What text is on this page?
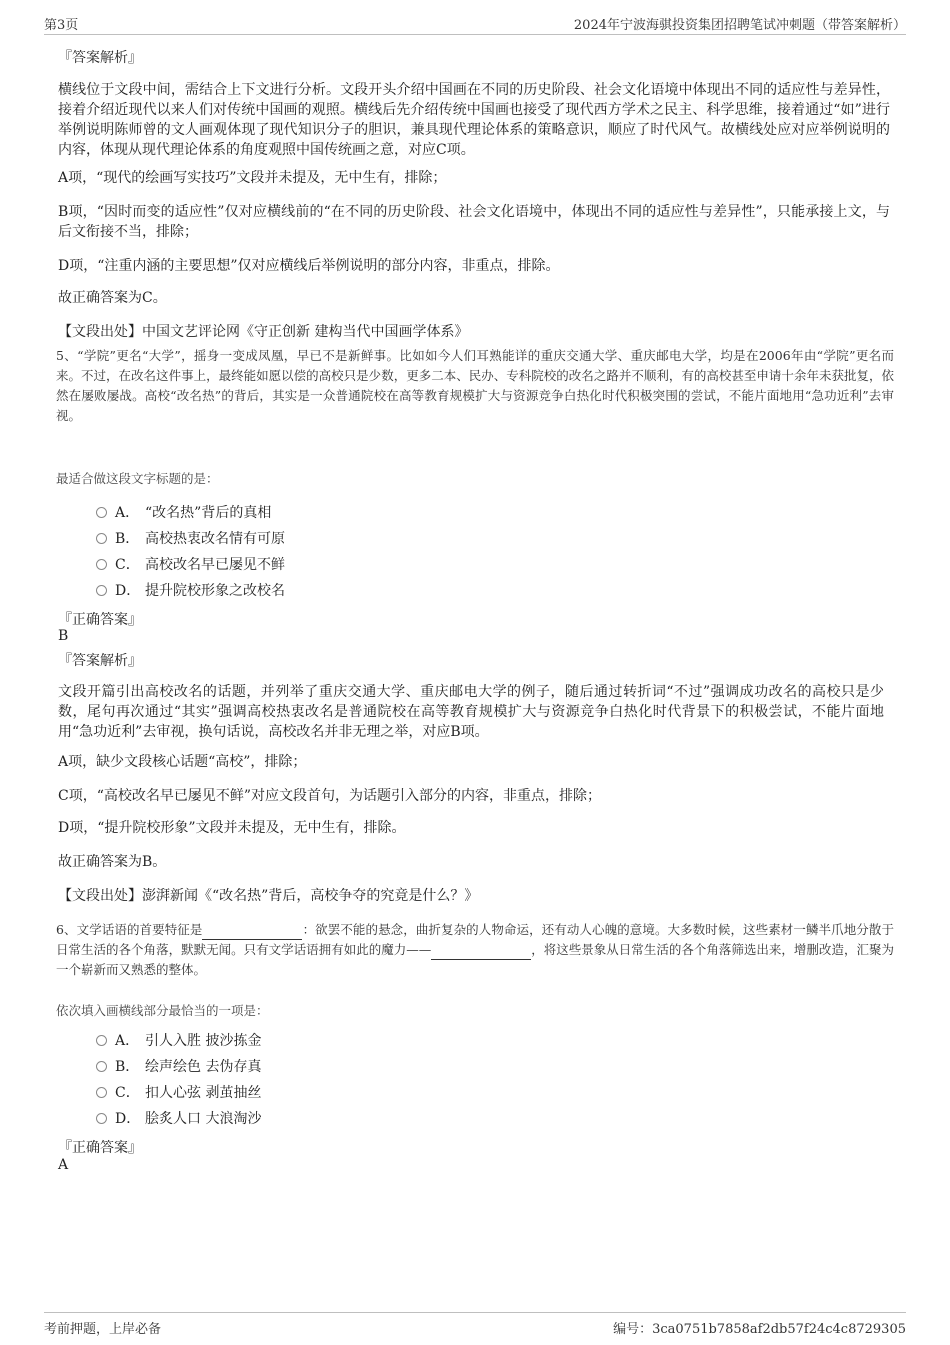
第3页	2024年宁波海骐投资集团招聘笔试冲刺题（带答案解析）
『答案解析』
横线位于文段中间，需结合上下文进行分析。文段开头介绍中国画在不同的历史阶段、社会文化语境中体现出不同的适应性与差异性，接着介绍近现代以来人们对传统中国画的观照。横线后先介绍传统中国画也接受了现代西方学术之民主、科学思维，接着通过“如”进行举例说明陈师曾的文人画观体现了现代知识分子的胆识，兼具现代理论体系的策略意识，顺应了时代风气。故横线处应对应举例说明的内容，体现从现代理论体系的角度观照中国传统画之意，对应C项。
A项，“现代的绘画写实技巧”文段并未提及，无中生有，排除；
B项，“因时而变的适应性”仅对应横线前的“在不同的历史阶段、社会文化语境中，体现出不同的适应性与差异性”，只能承接上文，与后文衔接不当，排除；
D项，“注重内涵的主要思想”仅对应横线后举例说明的部分内容，非重点，排除。
故正确答案为C。
【文段出处】中国文艺评论网《守正创新 建构当代中国画学体系》
5、“学院”更名“大学”，摇身一变成凤凰，早已不是新鲜事。比如如今人们耳熟能详的重庆交通大学、重庆邮电大学，均是在2006年由“学院”更名而来。不过，在改名这件事上，最终能如愿以偿的高校只是少数，更多二本、民办、专科院校的改名之路并不顺利，有的高校甚至申请十余年未获批复，依然在屡败屡战。高校“改名热”的背后，其实是一众普通院校在高等教育规模扩大与资源竞争白热化时代积极突围的尝试，不能片面地用“急功近利”去审视。
最适合做这段文字标题的是：
A． “改名热”背后的真相
B． 高校热衷改名情有可原
C． 高校改名早已屡见不鲜
D． 提升院校形象之改校名
『正确答案』
B
『答案解析』
文段开篇引出高校改名的话题，并列举了重庆交通大学、重庆邮电大学的例子，随后通过转折词“不过”强调成功改名的高校只是少数，尾句再次通过“其实”强调高校热衷改名是普通院校在高等教育规模扩大与资源竞争白热化时代背景下的积极尝试，不能片面地用“急功近利”去审视，换句话说，高校改名并非无理之举，对应B项。
A项，缺少文段核心话题“高校”，排除；
C项，“高校改名早已屡见不鲜”对应文段首句，为话题引入部分的内容，非重点，排除；
D项，“提升院校形象”文段并未提及，无中生有，排除。
故正确答案为B。
【文段出处】澎湃新闻《“改名热”背后，高校争夺的究竟是什么？》
6、文学话语的首要特征是	：欲罢不能的悬念，曲折复杂的人物命运，还有动人心魄的意境。大多数时候，这些素材一鳞半爪地分散于日常生活的各个角落，默默无闻。只有文学话语拥有如此的魔力——	，将这些景象从日常生活的各个角落筛选出来，增删改造，汇聚为一个崭新而又熟悉的整体。
依次填入画横线部分最恰当的一项是：
A． 引人入胜 披沙拣金
B． 绘声绘色 去伪存真
C． 扣人心弦 剥茧抽丝
D． 脍炙人口 大浪淘沙
『正确答案』
A
考前押题，上岸必备	编号：3ca0751b7858af2db57f24c4c8729305
